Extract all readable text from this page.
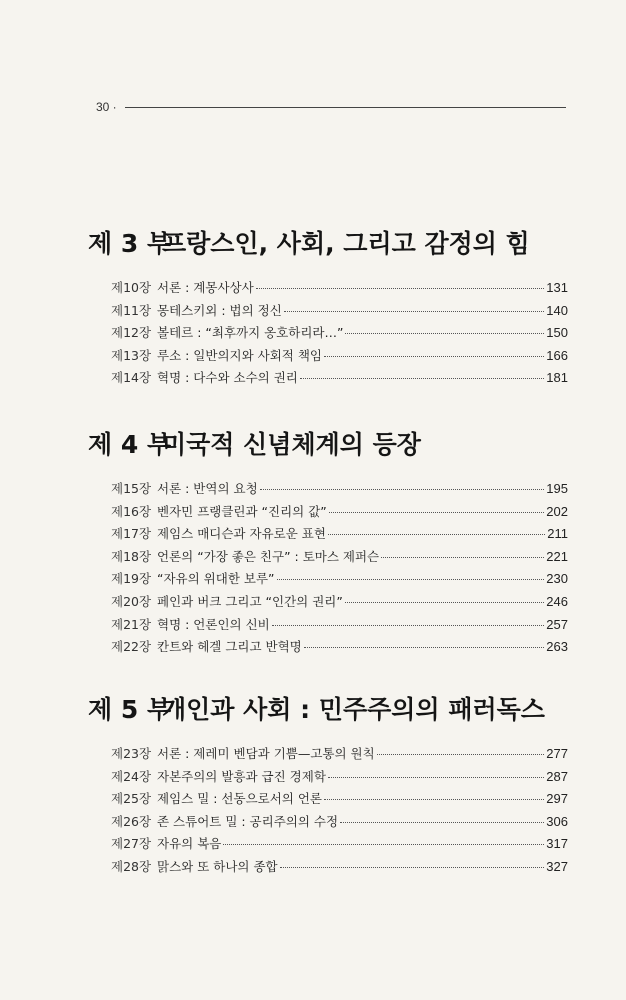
30 ·
제 3 부
프랑스인, 사회, 그리고 감정의 힘
제10장 서론 : 계몽사상사	131
제11장 몽테스키외 : 법의 정신	140
제12장 볼테르 : “최후까지 옹호하리라…”	150
제13장 루소 : 일반의지와 사회적 책임	166
제14장 혁명 : 다수와 소수의 권리	181
제 4 부
미국적 신념체계의 등장
제15장 서론 : 반역의 요청	195
제16장 벤자민 프랭클린과 “진리의 값”	202
제17장 제임스 매디슨과 자유로운 표현	211
제18장 언론의 “가장 좋은 친구” : 토마스 제퍼슨	221
제19장 “자유의 위대한 보루”	230
제20장 페인과 버크 그리고 “인간의 권리”	246
제21장 혁명 : 언론인의 신비	257
제22장 칸트와 헤겔 그리고 반혁명	263
제 5 부
개인과 사회 : 민주주의의 패러독스
제23장 서론 : 제레미 벤담과 기쁨—고통의 원칙	277
제24장 자본주의의 발흥과 급진 경제학	287
제25장 제임스 밀 : 선동으로서의 언론	297
제26장 존 스튜어트 밀 : 공리주의의 수정	306
제27장 자유의 복음	317
제28장 맑스와 또 하나의 종합	327
